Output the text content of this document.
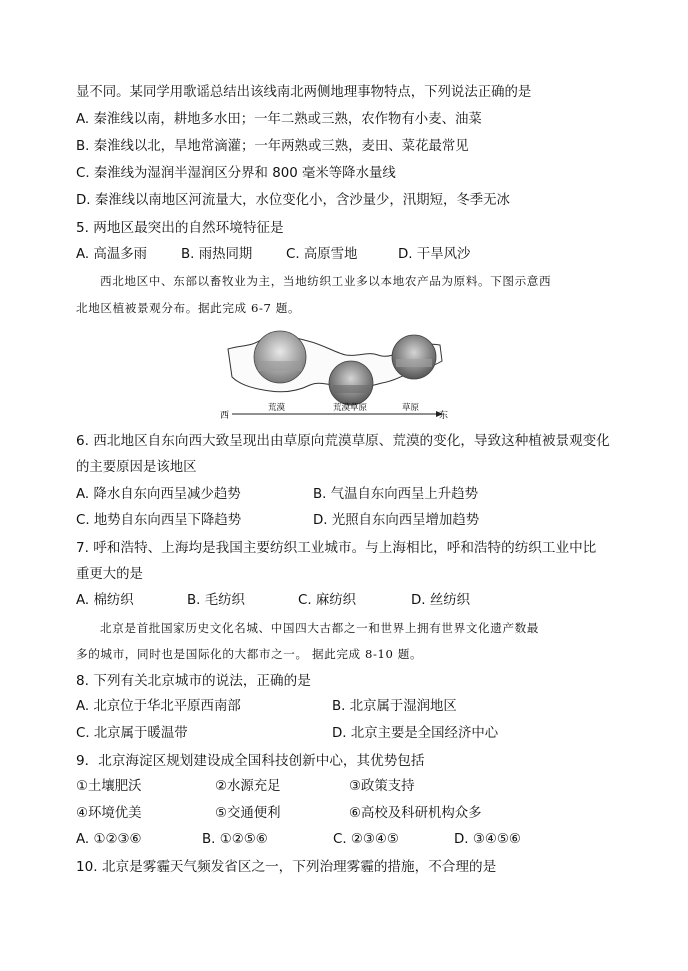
显不同。某同学用歌谣总结出该线南北两侧地理事物特点，下列说法正确的是
A. 秦淮线以南，耕地多水田；一年二熟或三熟，农作物有小麦、油菜
B. 秦淮线以北，旱地常滴灌；一年两熟或三熟，麦田、菜花最常见
C. 秦淮线为湿润半湿润区分界和 800 毫米等降水量线
D. 秦淮线以南地区河流量大，水位变化小，含沙量少，汛期短，冬季无冰
5. 两地区最突出的自然环境特征是
A. 高温多雨	B. 雨热同期	C. 高原雪地	D. 干旱风沙
西北地区中、东部以畜牧业为主，当地纺织工业多以本地农产品为原料。下图示意西
北地区植被景观分布。据此完成 6-7 题。
西	东
荒漠	荒漠草原	草原
6. 西北地区自东向西大致呈现出由草原向荒漠草原、荒漠的变化，导致这种植被景观变化
的主要原因是该地区
A. 降水自东向西呈减少趋势	B. 气温自东向西呈上升趋势
C. 地势自东向西呈下降趋势	D. 光照自东向西呈增加趋势
7. 呼和浩特、上海均是我国主要纺织工业城市。与上海相比，呼和浩特的纺织工业中比
重更大的是
A. 棉纺织	B. 毛纺织	C. 麻纺织	D. 丝纺织
北京是首批国家历史文化名城、中国四大古都之一和世界上拥有世界文化遗产数最
多的城市，同时也是国际化的大都市之一。 据此完成 8-10 题。
8. 下列有关北京城市的说法，正确的是
A. 北京位于华北平原西南部	B. 北京属于湿润地区
C. 北京属于暖温带	D. 北京主要是全国经济中心
9．北京海淀区规划建设成全国科技创新中心，其优势包括
①土壤肥沃	②水源充足	③政策支持
④环境优美	⑤交通便利	⑥高校及科研机构众多
A. ①②③⑥	B. ①②⑤⑥	C. ②③④⑤	D. ③④⑤⑥
10. 北京是雾霾天气频发省区之一，下列治理雾霾的措施，不合理的是
